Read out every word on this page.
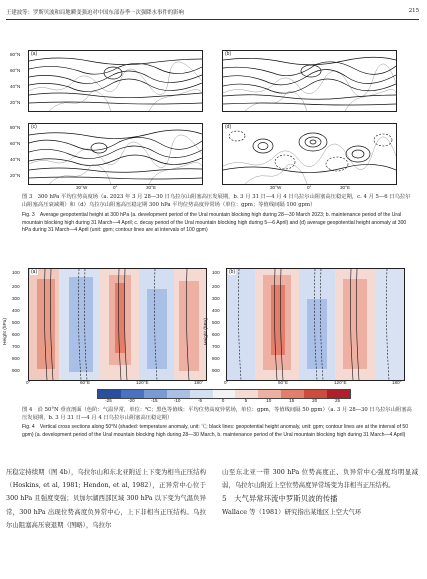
王建波等：罗斯贝波和局地瞬变强迫对中国东部春季一次强降水事件的影响	215
(a)
80°N
60°N
40°N
20°N
(b)
(c)
80°N
60°N
40°N
20°N
(d)
30°W	0°	30°E	30°W	0°	30°E

图 3　300 hPa 平均位势高度场（a. 2023 年 3 月 28—30 日乌拉尔山阻塞高压发展期，b. 3 月 31 日—4 月 4 日乌拉尔山阻塞高压稳定期，c. 4 月 5—6 日乌拉尔山阻塞高压衰减期）和（d）乌拉尔山阻塞高压稳定期 300 hPa 平均位势高度异常场（单位：gpm；等值线间隔 100 gpm）

Fig. 3　Average geopotential height at 300 hPa (a. development period of the Ural mountain blocking high during 28—30 March 2023; b. maintenance period of the Ural mountain blocking high during 31 March—4 April; c. decay period of the Ural mountain blocking high during 5—6 April) and (d) average geopotential height anomaly at 300 hPa during 31 March—4 April (unit: gpm; contour lines are at intervals of 100 gpm)

(a)
Height (hPa)
100
200
300
400
500
600
700
800
900
0°	60°E	120°E	180°
(b)
Height (hPa)
100
200
300
400
500
600
700
800
900
0°	60°E	120°E	180°
-25	-20	-15	-10	-5	0	5	10	15	20	25

图 4　沿 50°N 垂直剖面（色阶：气温异常，单位：℃；黑色等值线：平均位势高度异常场，单位：gpm，等值线间隔 50 gpm）（a. 3 月 28—30 日乌拉尔山阻塞高压发展期，b. 3 月 31 日—4 月 4 日乌拉尔山阻塞高压稳定期）

Fig. 4　Vertical cross sections along 50°N (shaded: temperature anomaly, unit: ℃; black lines: geopotential height anomaly, unit: gpm; contour lines are at the interval of 50 gpm) (a. development period of the Ural mountain blocking high during 28—30 March, b. maintenance period of the Ural mountain blocking high during 31 March—4 April)

压稳定持续期（图 4b），乌拉尔山和东北亚附近上下变为相当正压结构（Hoskins, et al, 1981; Hendon, et al, 1982），正异常中心位于 300 hPa 且强度变强；贝加尔湖西部区域 300 hPa 以下变为气温负异常，300 hPa 出现位势高度负异常中心，上下非相当正压结构。乌拉尔山阻塞高压衰退期（图略），乌拉尔

山至东北亚一带 300 hPa 位势高度正、负异常中心强度均明显减弱，乌拉尔山附近上空位势高度异常场变为非相当正压结构。

5　大气异常环流中罗斯贝波的传播

Wallace 等（1981）研究指出某地区上空大气环
